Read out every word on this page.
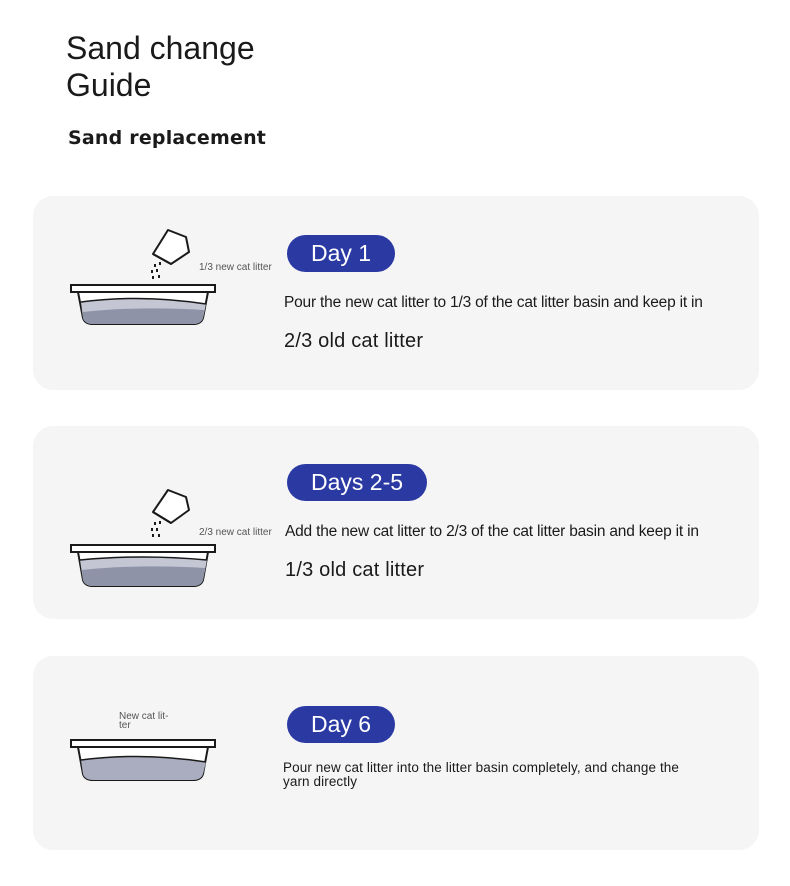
Sand change
Guide
Sand replacement
1/3 new cat litter
Day 1
Pour the new cat litter to 1/3 of the cat litter basin and keep it in
2/3 old cat litter
2/3 new cat litter
Days 2-5
Add the new cat litter to 2/3 of the cat litter basin and keep it in
1/3 old cat litter
New cat lit-
ter	Day 6
Pour new cat litter into the litter basin completely, and change the
yarn directly
